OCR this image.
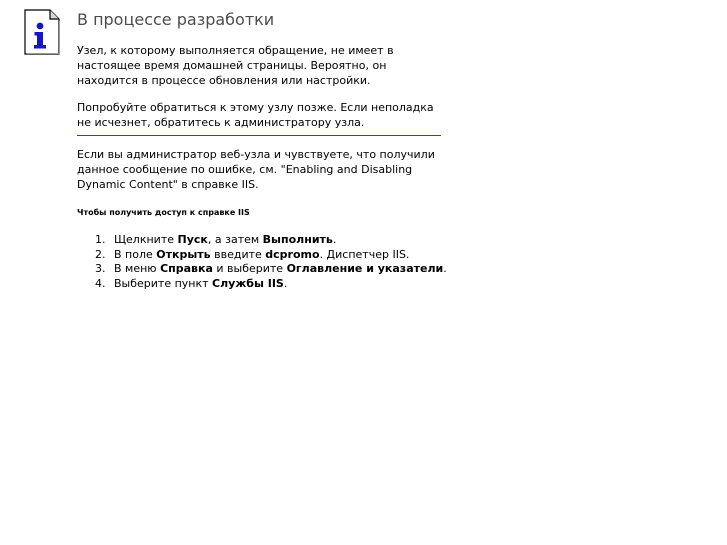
В процессе разработки

Узел, к которому выполняется обращение, не имеет в настоящее время домашней страницы. Вероятно, он находится в процессе обновления или настройки.

Попробуйте обратиться к этому узлу позже. Если неполадка не исчезнет, обратитесь к администратору узла.

Если вы администратор веб-узла и чувствуете, что получили данное сообщение по ошибке, см. "Enabling and Disabling Dynamic Content" в справке IIS.

Чтобы получить доступ к справке IIS

1. Щелкните Пуск, а затем Выполнить.
2. В поле Открыть введите dcpromo. Диспетчер IIS.
3. В меню Справка и выберите Оглавление и указатели.
4. Выберите пункт Службы IIS.
